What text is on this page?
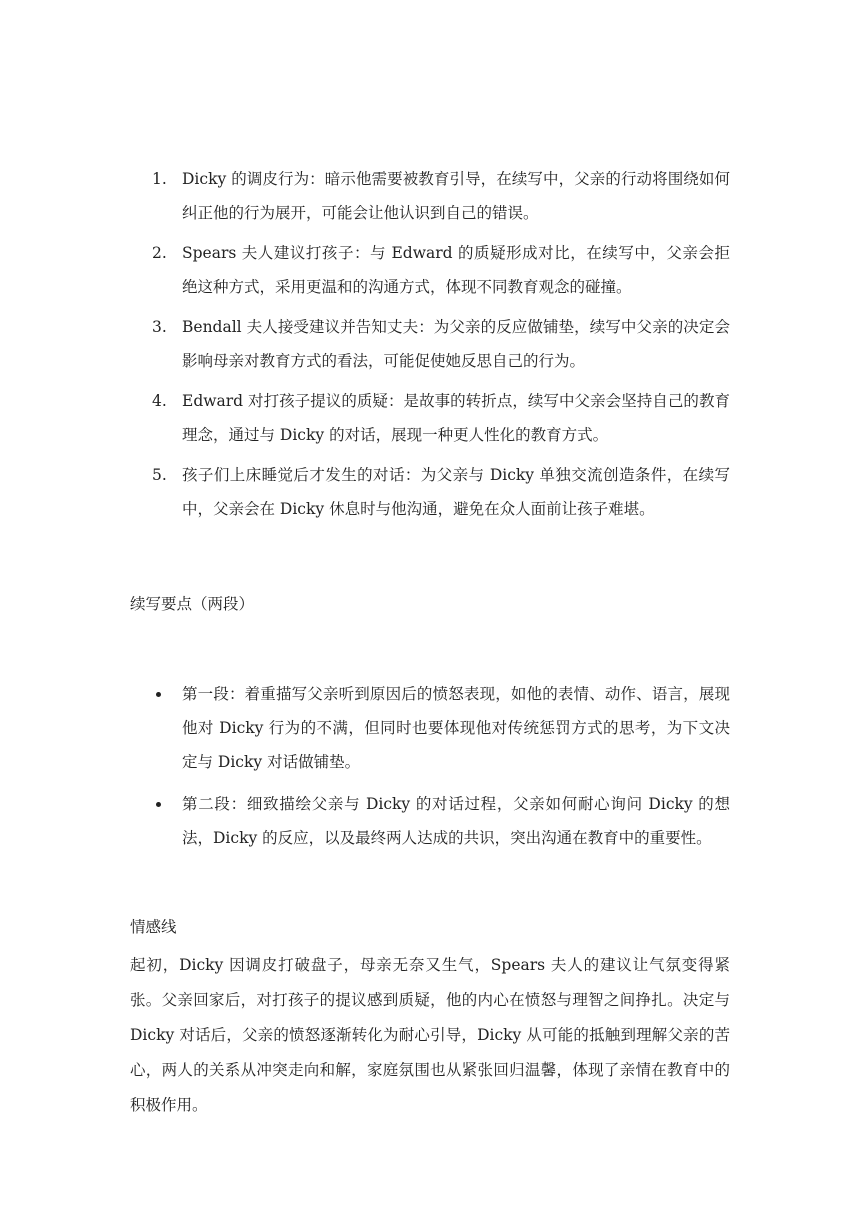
1. Dicky 的调皮行为：暗示他需要被教育引导，在续写中，父亲的行动将围绕如何纠正他的行为展开，可能会让他认识到自己的错误。
2. Spears 夫人建议打孩子：与 Edward 的质疑形成对比，在续写中，父亲会拒绝这种方式，采用更温和的沟通方式，体现不同教育观念的碰撞。
3. Bendall 夫人接受建议并告知丈夫：为父亲的反应做铺垫，续写中父亲的决定会影响母亲对教育方式的看法，可能促使她反思自己的行为。
4. Edward 对打孩子提议的质疑：是故事的转折点，续写中父亲会坚持自己的教育理念，通过与 Dicky 的对话，展现一种更人性化的教育方式。
5. 孩子们上床睡觉后才发生的对话：为父亲与 Dicky 单独交流创造条件，在续写中，父亲会在 Dicky 休息时与他沟通，避免在众人面前让孩子难堪。
续写要点（两段）
第一段：着重描写父亲听到原因后的愤怒表现，如他的表情、动作、语言，展现他对 Dicky 行为的不满，但同时也要体现他对传统惩罚方式的思考，为下文决定与 Dicky 对话做铺垫。
第二段：细致描绘父亲与 Dicky 的对话过程，父亲如何耐心询问 Dicky 的想法，Dicky 的反应，以及最终两人达成的共识，突出沟通在教育中的重要性。
情感线

起初，Dicky 因调皮打破盘子，母亲无奈又生气，Spears 夫人的建议让气氛变得紧张。父亲回家后，对打孩子的提议感到质疑，他的内心在愤怒与理智之间挣扎。决定与 Dicky 对话后，父亲的愤怒逐渐转化为耐心引导，Dicky 从可能的抵触到理解父亲的苦心，两人的关系从冲突走向和解，家庭氛围也从紧张回归温馨，体现了亲情在教育中的积极作用。
